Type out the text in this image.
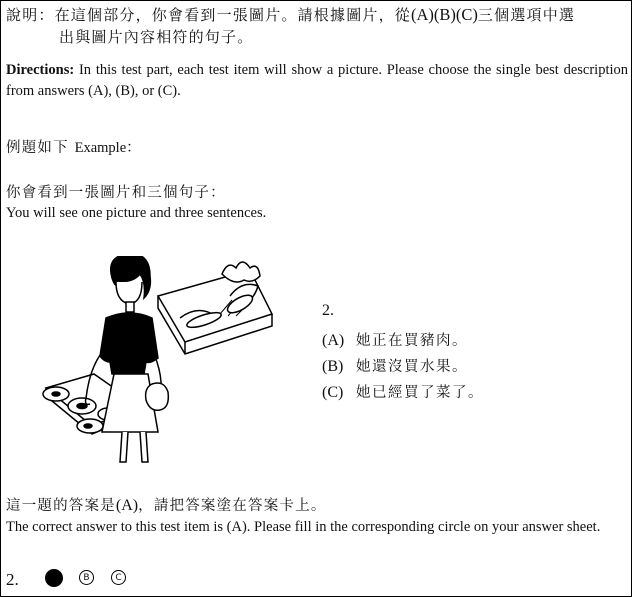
說明：在這個部分，你會看到一張圖片。請根據圖片，從(A)(B)(C)三個選項中選
出與圖片內容相符的句子。
Directions: In this test part, each test item will show a picture. Please choose the single best description from answers (A), (B), or (C).
例題如下 Example：
你會看到一張圖片和三個句子：
You will see one picture and three sentences.
2.
(A) 她正在買豬肉。
(B) 她還沒買水果。
(C) 她已經買了菜了。
這一題的答案是(A)，請把答案塗在答案卡上。
The correct answer to this test item is (A). Please fill in the corresponding circle on your answer sheet.
2.	B	C
